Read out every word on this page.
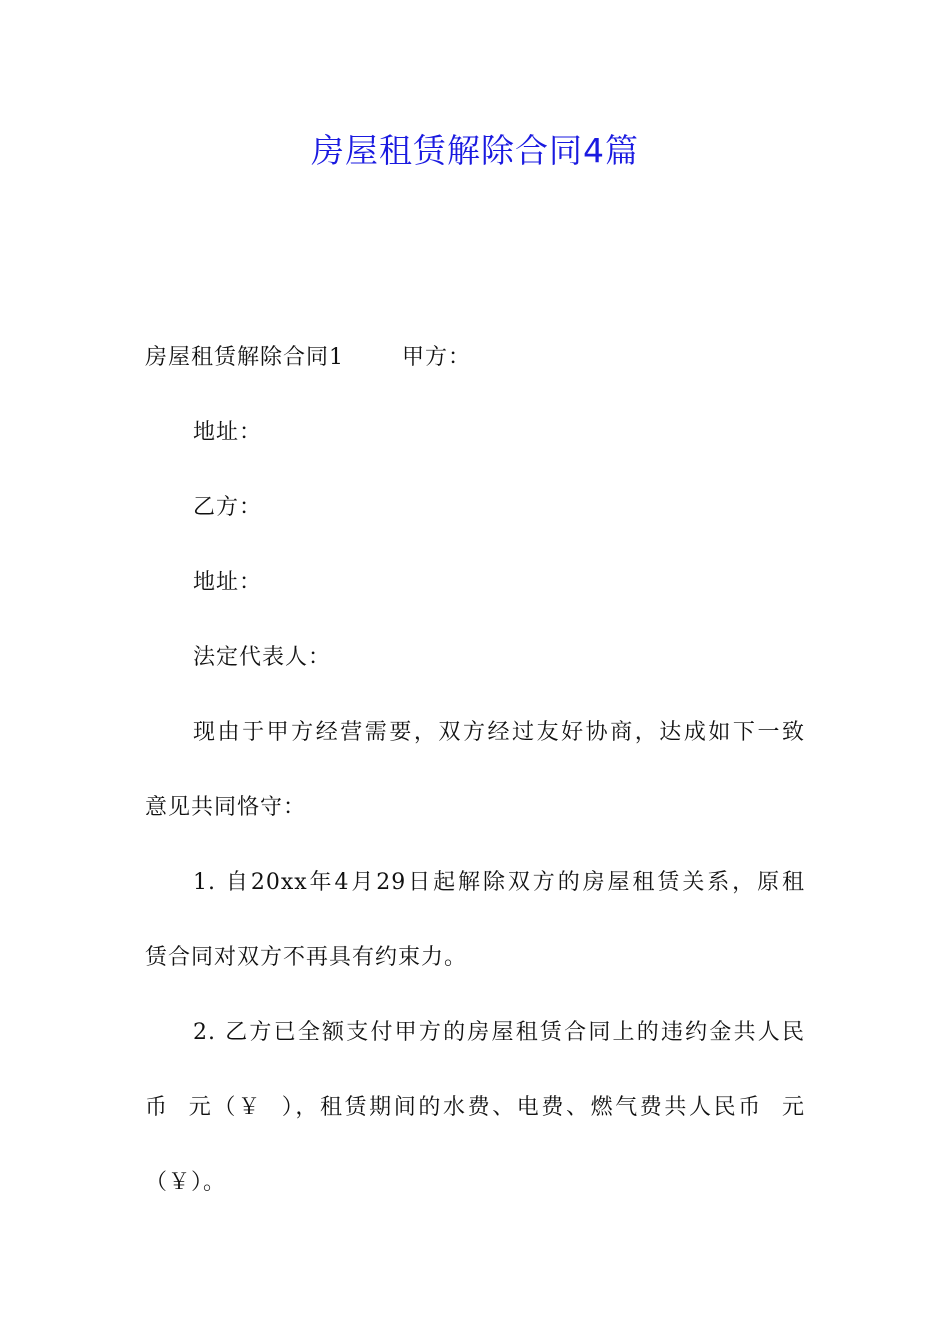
房屋租赁解除合同4篇
房屋租赁解除合同1	甲方：
地址：
乙方：
地址：
法定代表人：
现由于甲方经营需要，双方经过友好协商，达成如下一致
意见共同恪守：
1. 自20xx年4月29日起解除双方的房屋租赁关系，原租
赁合同对双方不再具有约束力。
2. 乙方已全额支付甲方的房屋租赁合同上的违约金共人民
币  元（￥  ），租赁期间的水费、电费、燃气费共人民币  元
（￥）。
